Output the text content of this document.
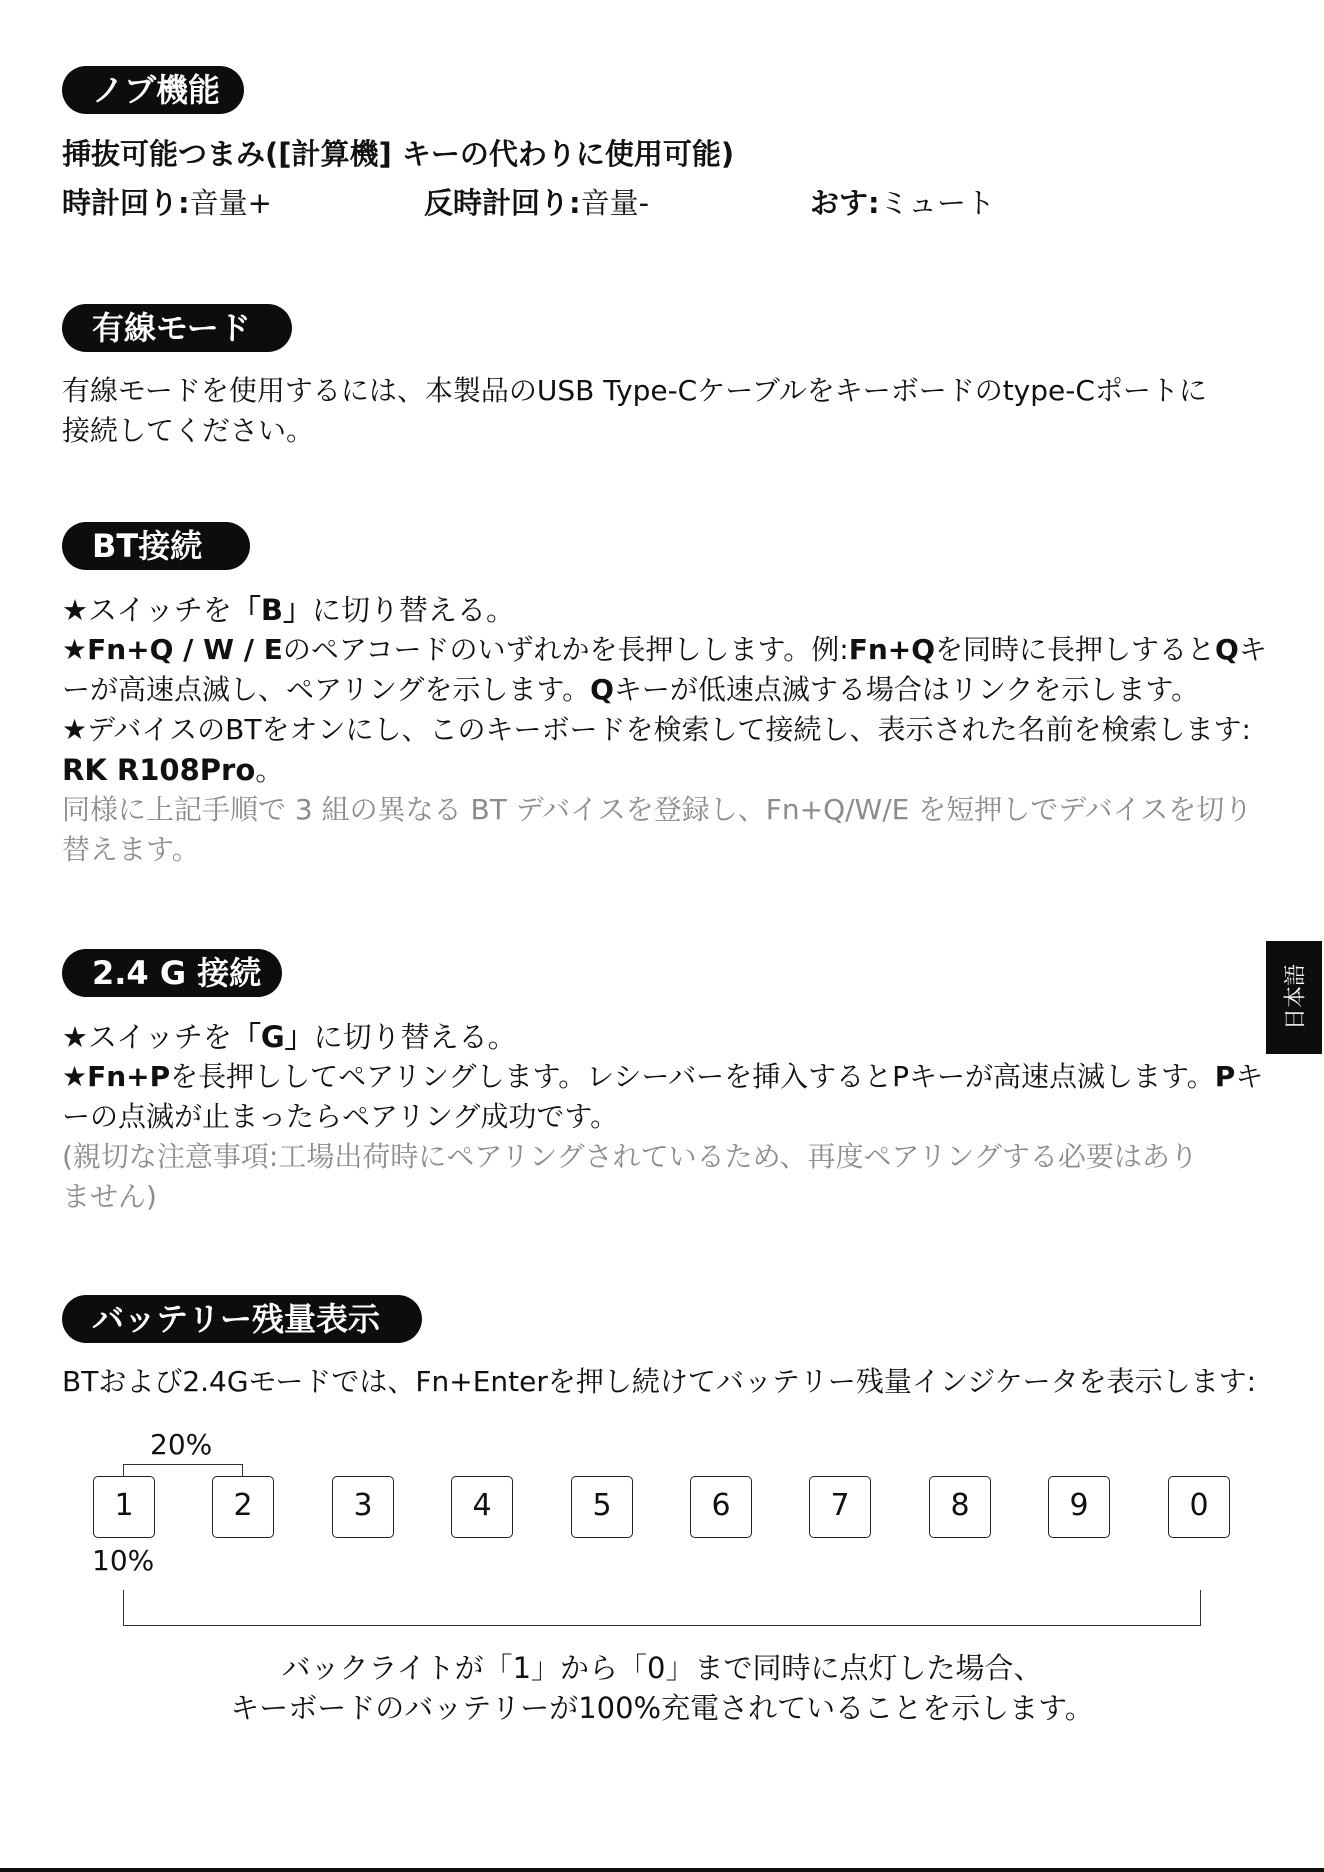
ノブ機能
挿抜可能つまみ([計算機] キーの代わりに使用可能)
時計回り:音量+	反時計回り:音量-	おす:ミュート
有線モード
有線モードを使用するには、本製品のUSB Type-Cケーブルをキーボードのtype-Cポートに
接続してください。
BT接続
★スイッチを「B」に切り替える。
★Fn+Q / W / Eのペアコードのいずれかを長押しします。例:Fn+Qを同時に長押しするとQキ
ーが高速点滅し、ペアリングを示します。Qキーが低速点滅する場合はリンクを示します。
★デバイスのBTをオンにし、このキーボードを検索して接続し、表示された名前を検索します:
RK R108Pro。
同様に上記手順で 3 組の異なる BT デバイスを登録し、Fn+Q/W/E を短押しでデバイスを切り
替えます。
2.4 G 接続
★スイッチを「G」に切り替える。
★Fn+Pを長押ししてペアリングします。レシーバーを挿入するとPキーが高速点滅します。Pキ
ーの点滅が止まったらペアリング成功です。
(親切な注意事項:工場出荷時にペアリングされているため、再度ペアリングする必要はあり
ません)
バッテリー残量表示
BTおよび2.4Gモードでは、Fn+Enterを押し続けてバッテリー残量インジケータを表示します:
20%
1	2	3	4	5	6	7	8	9	0
10%
バックライトが「1」から「0」まで同時に点灯した場合、
キーボードのバッテリーが100%充電されていることを示します。
日本語
